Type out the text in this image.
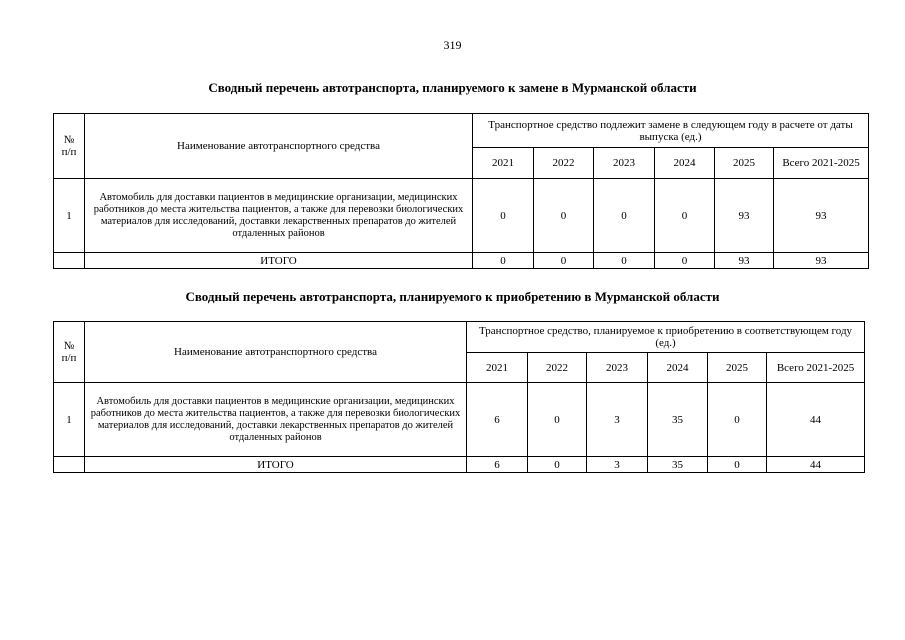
319
Сводный перечень автотранспорта, планируемого к замене в Мурманской области
№
п/п	Наименование автотранспортного средства	Транспортное средство подлежит замене в следующем году в расчете от даты выпуска (ед.)					
		2021	2022	2023	2024	2025	Всего 2021-2025
1	Автомобиль для доставки пациентов в медицинские организации, медицинских работников до места жительства пациентов, а также для перевозки биологических материалов для исследований, доставки лекарственных препаратов до жителей отдаленных районов	0	0	0	0	93	93
	ИТОГО	0	0	0	0	93	93
Сводный перечень автотранспорта, планируемого к приобретению в Мурманской области
№
п/п	Наименование автотранспортного средства	Транспортное средство, планируемое к приобретению в соответствующем году (ед.)					
		2021	2022	2023	2024	2025	Всего 2021-2025
1	Автомобиль для доставки пациентов в медицинские организации, медицинских работников до места жительства пациентов, а также для перевозки биологических материалов для исследований, доставки лекарственных препаратов до жителей отдаленных районов	6	0	3	35	0	44
	ИТОГО	6	0	3	35	0	44
